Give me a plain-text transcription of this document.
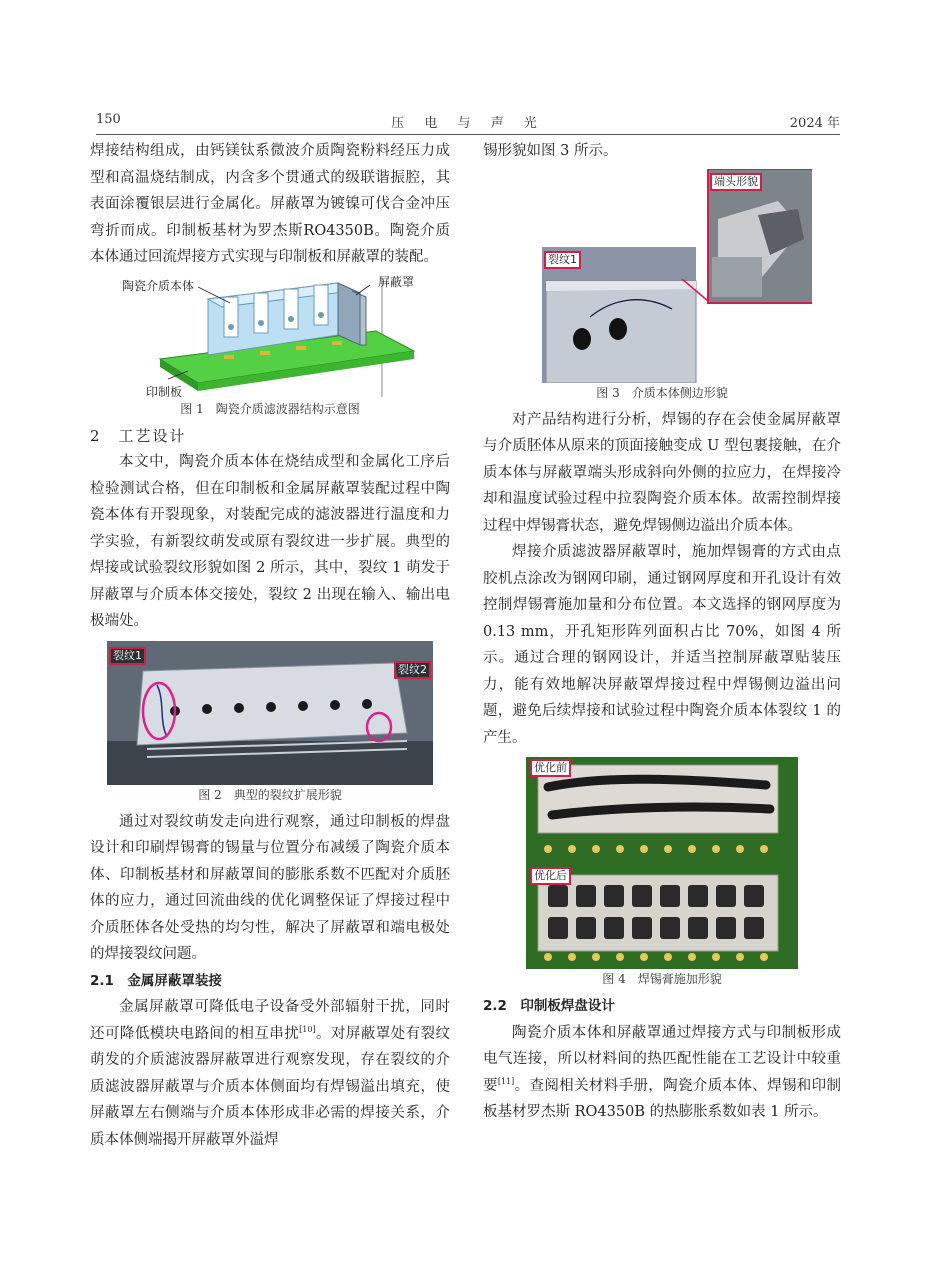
150	压 电 与 声 光	2024 年

焊接结构组成，由钙镁钛系微波介质陶瓷粉料经压力成型和高温烧结制成，内含多个贯通式的级联谐振腔，其表面涂覆银层进行金属化。屏蔽罩为镀镍可伐合金冲压弯折而成。印制板基材为罗杰斯RO4350B。陶瓷介质本体通过回流焊接方式实现与印制板和屏蔽罩的装配。

陶瓷介质本体	屏蔽罩
印制板
图 1　陶瓷介质滤波器结构示意图

2　工艺设计

本文中，陶瓷介质本体在烧结成型和金属化工序后检验测试合格，但在印制板和金属屏蔽罩装配过程中陶瓷本体有开裂现象，对装配完成的滤波器进行温度和力学实验，有新裂纹萌发或原有裂纹进一步扩展。典型的焊接或试验裂纹形貌如图 2 所示，其中，裂纹 1 萌发于屏蔽罩与介质本体交接处，裂纹 2 出现在输入、输出电极端处。

裂纹1
裂纹2
图 2　典型的裂纹扩展形貌

通过对裂纹萌发走向进行观察，通过印制板的焊盘设计和印刷焊锡膏的锡量与位置分布减缓了陶瓷介质本体、印制板基材和屏蔽罩间的膨胀系数不匹配对介质胚体的应力，通过回流曲线的优化调整保证了焊接过程中介质胚体各处受热的均匀性，解决了屏蔽罩和端电极处的焊接裂纹问题。

2.1　金属屏蔽罩装接

金属屏蔽罩可降低电子设备受外部辐射干扰，同时还可降低模块电路间的相互串扰[10]。对屏蔽罩处有裂纹萌发的介质滤波器屏蔽罩进行观察发现，存在裂纹的介质滤波器屏蔽罩与介质本体侧面均有焊锡溢出填充，使屏蔽罩左右侧端与介质本体形成非必需的焊接关系，介质本体侧端揭开屏蔽罩外溢焊

锡形貌如图 3 所示。

端头形貌
裂纹1
图 3　介质本体侧边形貌

对产品结构进行分析，焊锡的存在会使金属屏蔽罩与介质胚体从原来的顶面接触变成 U 型包裹接触，在介质本体与屏蔽罩端头形成斜向外侧的拉应力，在焊接冷却和温度试验过程中拉裂陶瓷介质本体。故需控制焊接过程中焊锡膏状态，避免焊锡侧边溢出介质本体。

焊接介质滤波器屏蔽罩时，施加焊锡膏的方式由点胶机点涂改为钢网印刷，通过钢网厚度和开孔设计有效控制焊锡膏施加量和分布位置。本文选择的钢网厚度为 0.13 mm，开孔矩形阵列面积占比 70%，如图 4 所示。通过合理的钢网设计，并适当控制屏蔽罩贴装压力，能有效地解决屏蔽罩焊接过程中焊锡侧边溢出问题，避免后续焊接和试验过程中陶瓷介质本体裂纹 1 的产生。

优化前
优化后
图 4　焊锡膏施加形貌

2.2　印制板焊盘设计

陶瓷介质本体和屏蔽罩通过焊接方式与印制板形成电气连接，所以材料间的热匹配性能在工艺设计中较重要[11]。查阅相关材料手册，陶瓷介质本体、焊锡和印制板基材罗杰斯 RO4350B 的热膨胀系数如表 1 所示。
